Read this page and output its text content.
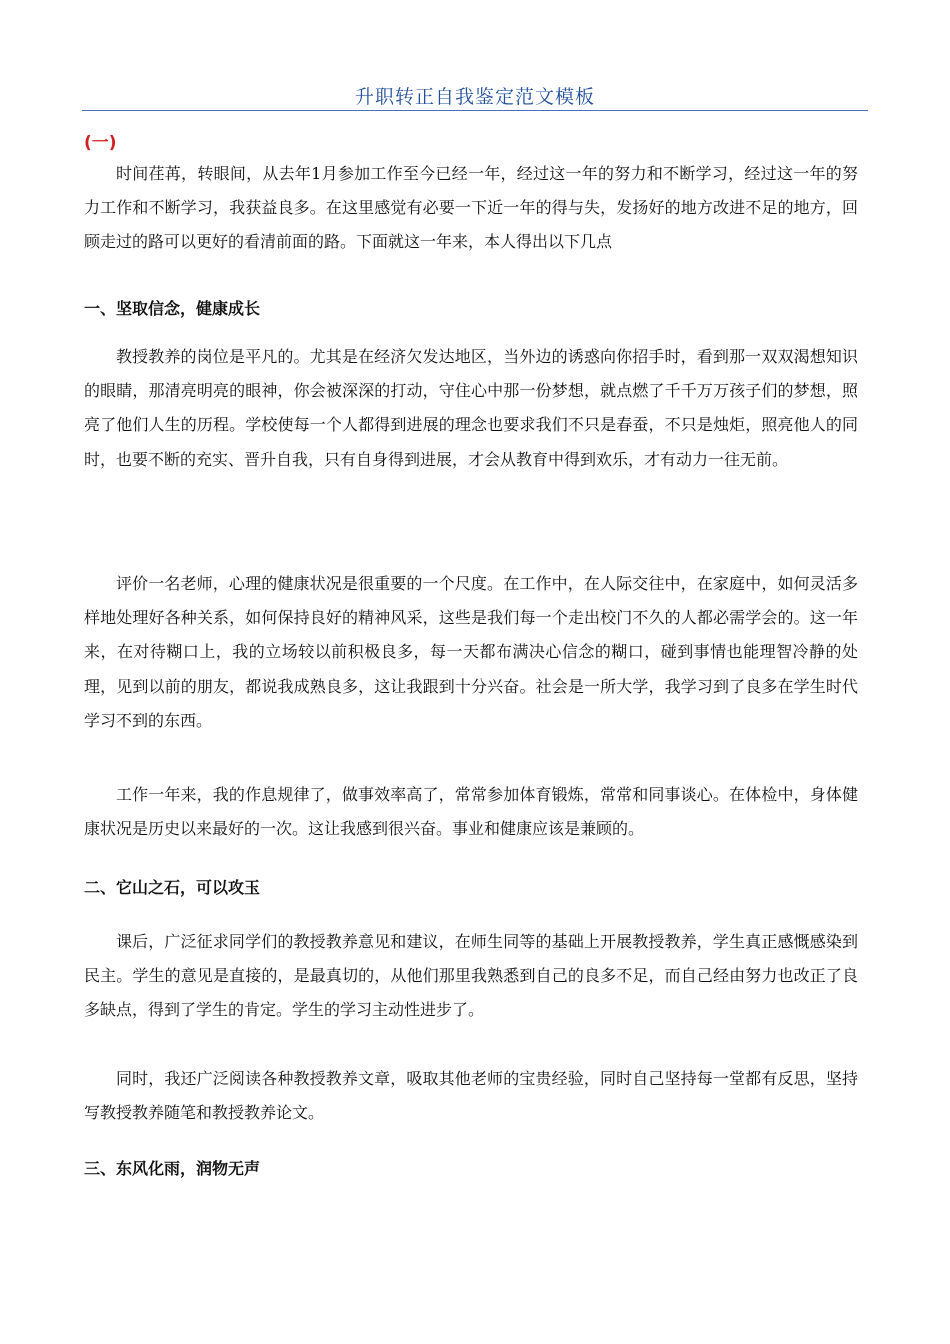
升职转正自我鉴定范文模板
(一)

时间荏苒，转眼间，从去年1月参加工作至今已经一年，经过这一年的努力和不断学习，经过这一年的努力工作和不断学习，我获益良多。在这里感觉有必要一下近一年的得与失，发扬好的地方改进不足的地方，回顾走过的路可以更好的看清前面的路。下面就这一年来，本人得出以下几点

一、坚取信念，健康成长

教授教养的岗位是平凡的。尤其是在经济欠发达地区，当外边的诱惑向你招手时，看到那一双双渴想知识的眼睛，那清亮明亮的眼神，你会被深深的打动，守住心中那一份梦想，就点燃了千千万万孩子们的梦想，照亮了他们人生的历程。学校使每一个人都得到进展的理念也要求我们不只是春蚕，不只是烛炬，照亮他人的同时，也要不断的充实、晋升自我，只有自身得到进展，才会从教育中得到欢乐，才有动力一往无前。

评价一名老师，心理的健康状况是很重要的一个尺度。在工作中，在人际交往中，在家庭中，如何灵活多样地处理好各种关系，如何保持良好的精神风采，这些是我们每一个走出校门不久的人都必需学会的。这一年来，在对待糊口上，我的立场较以前积极良多，每一天都布满决心信念的糊口，碰到事情也能理智冷静的处理，见到以前的朋友，都说我成熟良多，这让我跟到十分兴奋。社会是一所大学，我学习到了良多在学生时代学习不到的东西。

工作一年来，我的作息规律了，做事效率高了，常常参加体育锻炼，常常和同事谈心。在体检中，身体健康状况是历史以来最好的一次。这让我感到很兴奋。事业和健康应该是兼顾的。

二、它山之石，可以攻玉

课后，广泛征求同学们的教授教养意见和建议，在师生同等的基础上开展教授教养，学生真正感慨感染到民主。学生的意见是直接的，是最真切的，从他们那里我熟悉到自己的良多不足，而自己经由努力也改正了良多缺点，得到了学生的肯定。学生的学习主动性进步了。

同时，我还广泛阅读各种教授教养文章，吸取其他老师的宝贵经验，同时自己坚持每一堂都有反思，坚持写教授教养随笔和教授教养论文。

三、东风化雨，润物无声
